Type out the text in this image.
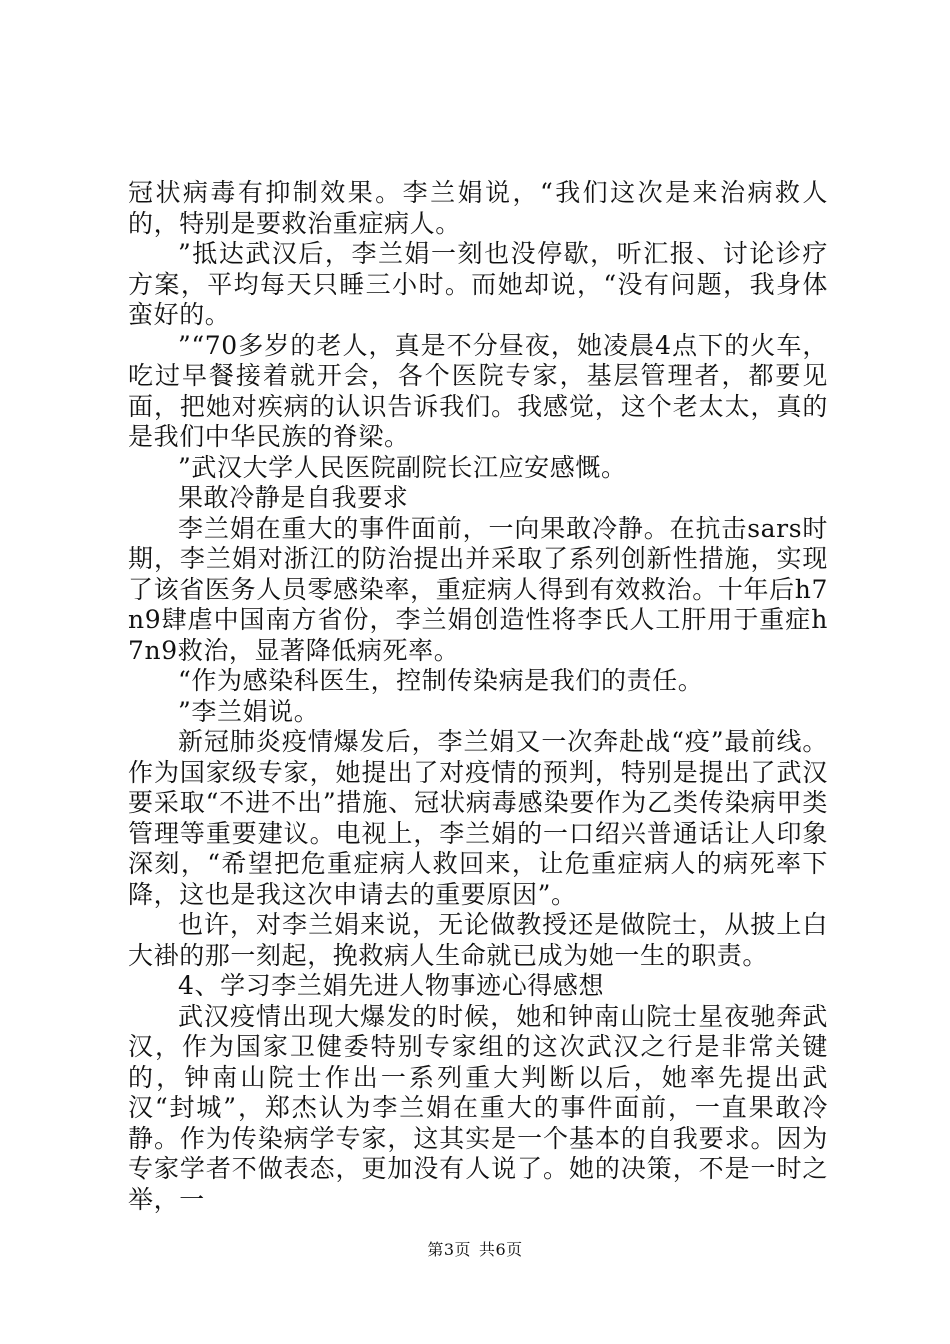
冠状病毒有抑制效果。李兰娟说，“我们这次是来治病救人的，特别是要救治重症病人。

”抵达武汉后，李兰娟一刻也没停歇，听汇报、讨论诊疗方案，平均每天只睡三小时。而她却说，“没有问题，我身体蛮好的。

”“70多岁的老人，真是不分昼夜，她凌晨4点下的火车，吃过早餐接着就开会，各个医院专家，基层管理者，都要见面，把她对疾病的认识告诉我们。我感觉，这个老太太，真的是我们中华民族的脊梁。

”武汉大学人民医院副院长江应安感慨。

果敢冷静是自我要求

李兰娟在重大的事件面前，一向果敢冷静。在抗击sars时期，李兰娟对浙江的防治提出并采取了系列创新性措施，实现了该省医务人员零感染率，重症病人得到有效救治。十年后h7n9肆虐中国南方省份，李兰娟创造性将李氏人工肝用于重症h7n9救治，显著降低病死率。

“作为感染科医生，控制传染病是我们的责任。

”李兰娟说。

新冠肺炎疫情爆发后，李兰娟又一次奔赴战“疫”最前线。作为国家级专家，她提出了对疫情的预判，特别是提出了武汉要采取“不进不出”措施、冠状病毒感染要作为乙类传染病甲类管理等重要建议。电视上，李兰娟的一口绍兴普通话让人印象深刻，“希望把危重症病人救回来，让危重症病人的病死率下降，这也是我这次申请去的重要原因”。

也许，对李兰娟来说，无论做教授还是做院士，从披上白大褂的那一刻起，挽救病人生命就已成为她一生的职责。

4、学习李兰娟先进人物事迹心得感想

武汉疫情出现大爆发的时候，她和钟南山院士星夜驰奔武汉，作为国家卫健委特别专家组的这次武汉之行是非常关键的，钟南山院士作出一系列重大判断以后，她率先提出武汉“封城”，郑杰认为李兰娟在重大的事件面前，一直果敢冷静。作为传染病学专家，这其实是一个基本的自我要求。因为专家学者不做表态，更加没有人说了。她的决策，不是一时之举，一

第3页 共6页
